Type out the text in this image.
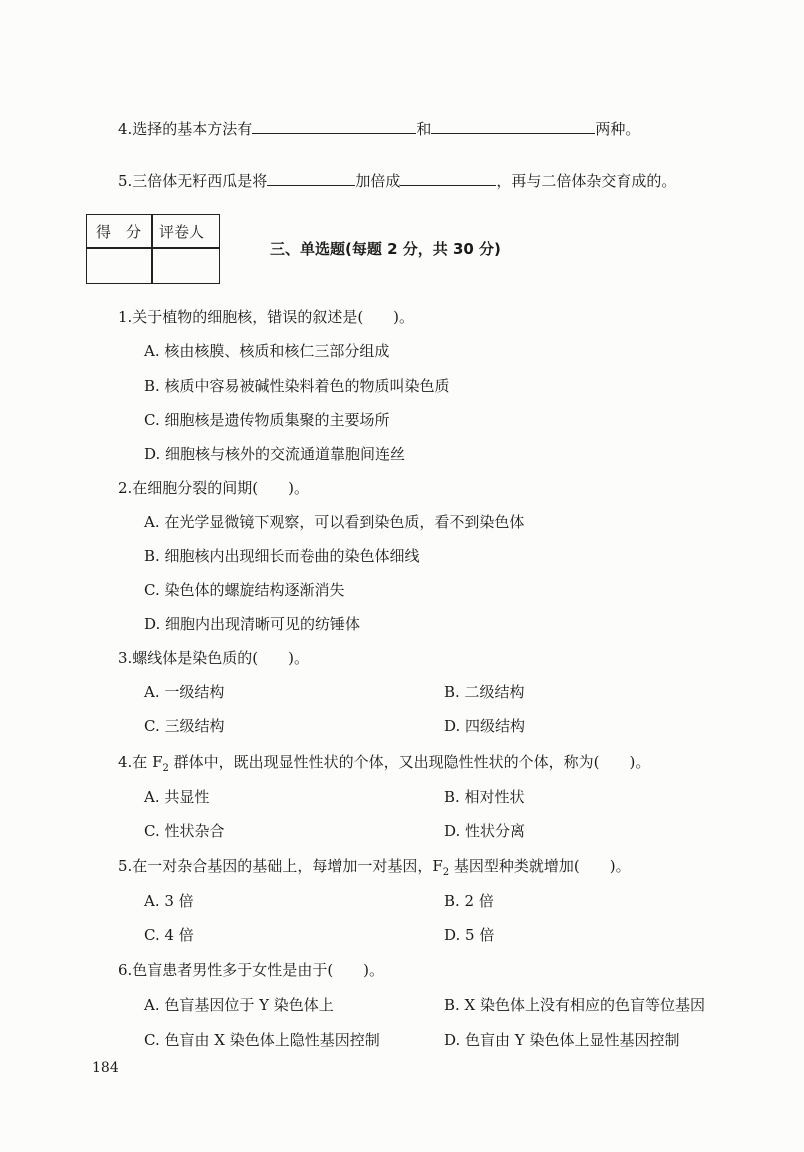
4.选择的基本方法有	和	两种。
5.三倍体无籽西瓜是将	加倍成	，再与二倍体杂交育成的。
得　分 评卷人
三、单选题(每题 2 分，共 30 分)
1.关于植物的细胞核，错误的叙述是(　　)。
A. 核由核膜、核质和核仁三部分组成
B. 核质中容易被碱性染料着色的物质叫染色质
C. 细胞核是遗传物质集聚的主要场所
D. 细胞核与核外的交流通道靠胞间连丝
2.在细胞分裂的间期(　　)。
A. 在光学显微镜下观察，可以看到染色质，看不到染色体
B. 细胞核内出现细长而卷曲的染色体细线
C. 染色体的螺旋结构逐渐消失
D. 细胞内出现清晰可见的纺锤体
3.螺线体是染色质的(　　)。
A. 一级结构	B. 二级结构
C. 三级结构	D. 四级结构
4.在 $F_2$ 群体中，既出现显性性状的个体，又出现隐性性状的个体，称为(　　)。
A. 共显性	B. 相对性状
C. 性状杂合	D. 性状分离
5.在一对杂合基因的基础上，每增加一对基因，$F_2$ 基因型种类就增加(　　)。
A. 3 倍	B. 2 倍
C. 4 倍	D. 5 倍
6.色盲患者男性多于女性是由于(　　)。
A. 色盲基因位于 Y 染色体上	B. X 染色体上没有相应的色盲等位基因
C. 色盲由 X 染色体上隐性基因控制	D. 色盲由 Y 染色体上显性基因控制
184
